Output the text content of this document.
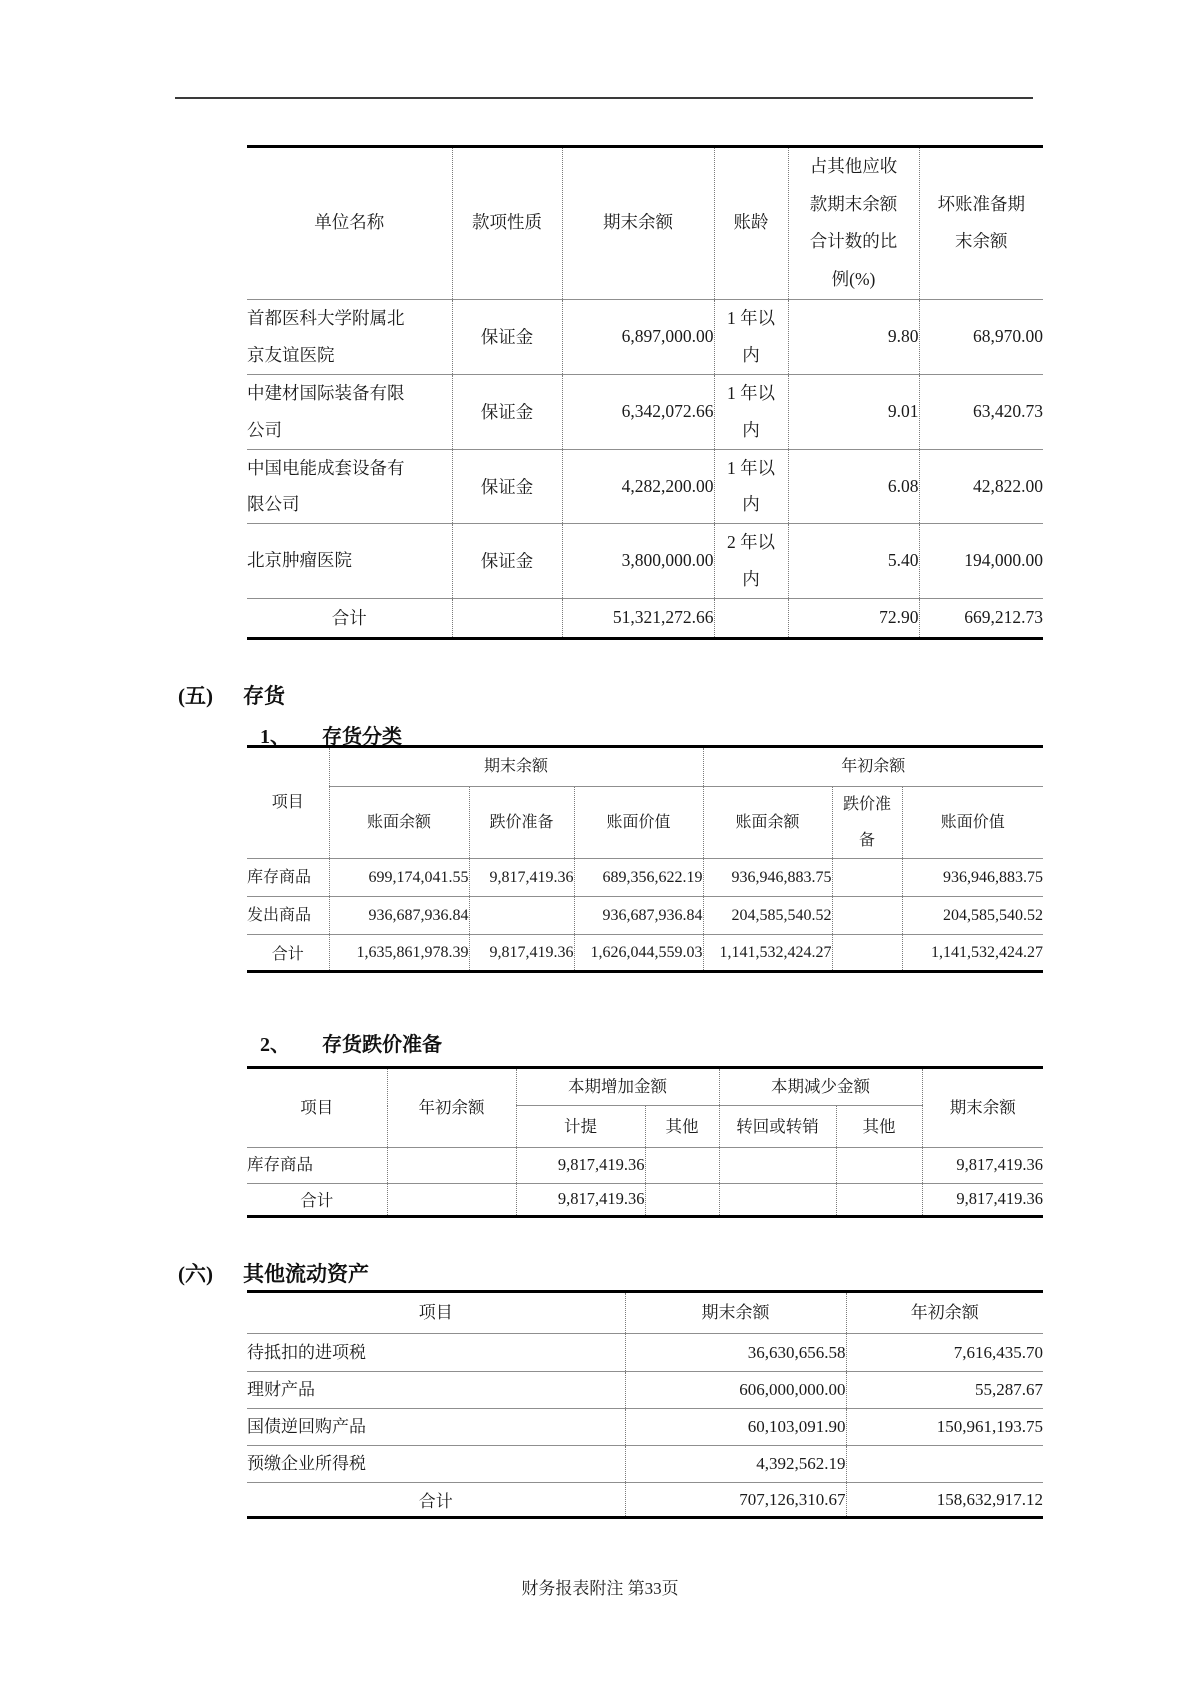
单位名称	款项性质	期末余额	账龄	占其他应收款期末余额合计数的比例(%)	坏账准备期末余额
首都医科大学附属北京友谊医院	保证金	6,897,000.00	1 年以内	9.80	68,970.00
中建材国际装备有限公司	保证金	6,342,072.66	1 年以内	9.01	63,420.73
中国电能成套设备有限公司	保证金	4,282,200.00	1 年以内	6.08	42,822.00
北京肿瘤医院	保证金	3,800,000.00	2 年以内	5.40	194,000.00
合计		51,321,272.66		72.90	669,212.73
(五) 存货
1、 存货分类
项目	期末余额			年初余额		
	账面余额	跌价准备	账面价值	账面余额	跌价准备	账面价值
库存商品	699,174,041.55	9,817,419.36	689,356,622.19	936,946,883.75		936,946,883.75
发出商品	936,687,936.84		936,687,936.84	204,585,540.52		204,585,540.52
合计	1,635,861,978.39	9,817,419.36	1,626,044,559.03	1,141,532,424.27		1,141,532,424.27
2、 存货跌价准备
项目	年初余额	本期增加金额		本期减少金额		期末余额
		计提	其他	转回或转销	其他	
库存商品		9,817,419.36				9,817,419.36
合计		9,817,419.36				9,817,419.36
(六) 其他流动资产
项目	期末余额	年初余额
待抵扣的进项税	36,630,656.58	7,616,435.70
理财产品	606,000,000.00	55,287.67
国债逆回购产品	60,103,091.90	150,961,193.75
预缴企业所得税	4,392,562.19	
合计	707,126,310.67	158,632,917.12
财务报表附注 第33页
